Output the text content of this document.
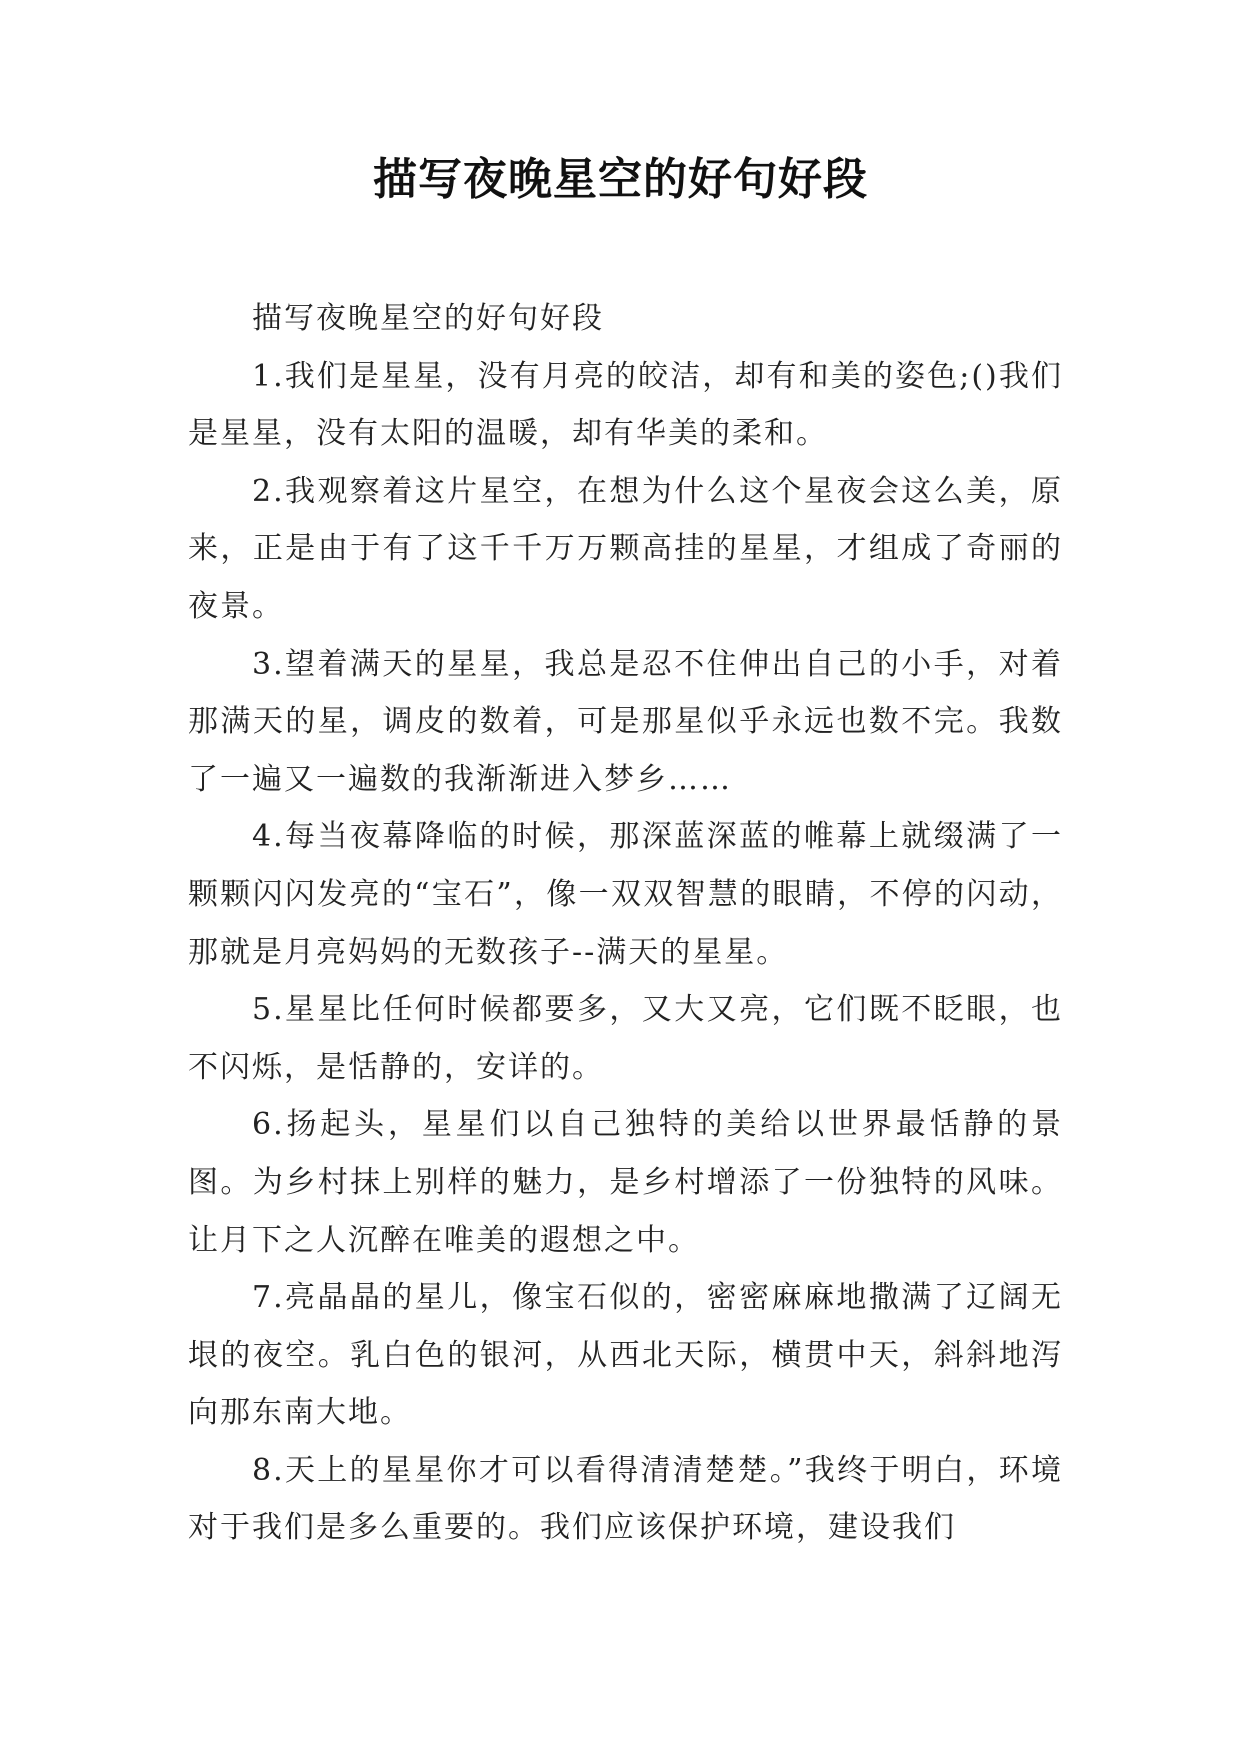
描写夜晚星空的好句好段

描写夜晚星空的好句好段

1.我们是星星，没有月亮的皎洁，却有和美的姿色;()我们是星星，没有太阳的温暖，却有华美的柔和。

2.我观察着这片星空，在想为什么这个星夜会这么美，原来，正是由于有了这千千万万颗高挂的星星，才组成了奇丽的夜景。

3.望着满天的星星，我总是忍不住伸出自己的小手，对着那满天的星，调皮的数着，可是那星似乎永远也数不完。我数了一遍又一遍数的我渐渐进入梦乡……

4.每当夜幕降临的时候，那深蓝深蓝的帷幕上就缀满了一颗颗闪闪发亮的“宝石”，像一双双智慧的眼睛，不停的闪动，那就是月亮妈妈的无数孩子--满天的星星。

5.星星比任何时候都要多，又大又亮，它们既不眨眼，也不闪烁，是恬静的，安详的。

6.扬起头，星星们以自己独特的美给以世界最恬静的景图。为乡村抹上别样的魅力，是乡村增添了一份独特的风味。让月下之人沉醉在唯美的遐想之中。

7.亮晶晶的星儿，像宝石似的，密密麻麻地撒满了辽阔无垠的夜空。乳白色的银河，从西北天际，横贯中天，斜斜地泻向那东南大地。

8.天上的星星你才可以看得清清楚楚。”我终于明白，环境对于我们是多么重要的。我们应该保护环境，建设我们
